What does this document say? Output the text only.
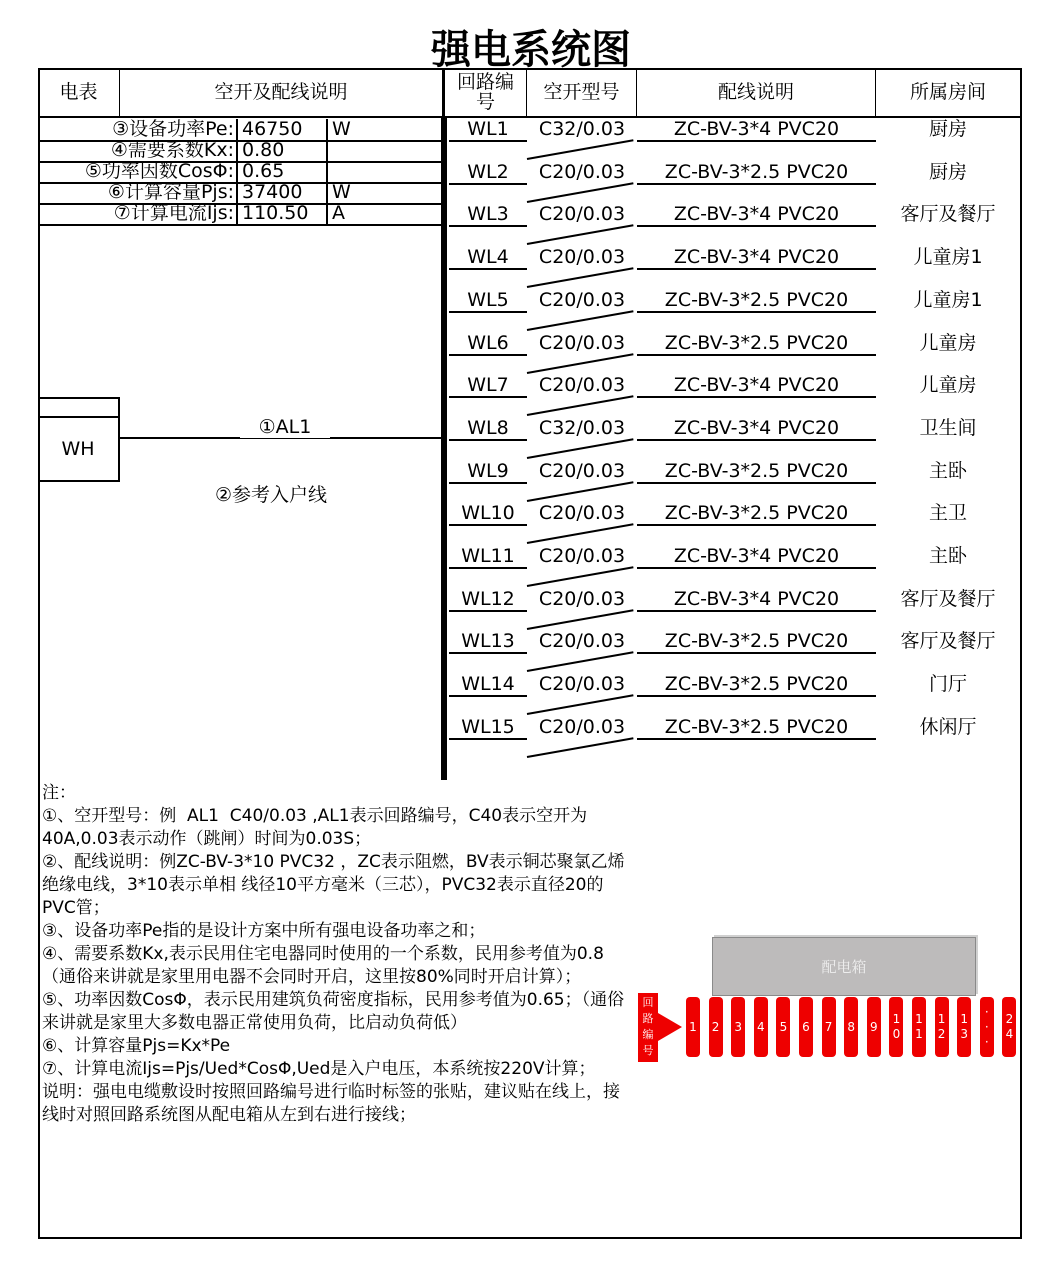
强电系统图
电表	空开及配线说明	回路编号	空开型号	配线说明	所属房间
③设备功率Pe: 46750	W
④需要系数Kx: 0.80
⑤功率因数CosΦ: 0.65
⑥计算容量Pjs: 37400	W
⑦计算电流Ijs: 110.50	A
WH
①AL1
②参考入户线
WL1	C32/0.03	ZC-BV-3*4 PVC20	厨房
WL2	C20/0.03	ZC-BV-3*2.5 PVC20	厨房
WL3	C20/0.03	ZC-BV-3*4 PVC20	客厅及餐厅
WL4	C20/0.03	ZC-BV-3*4 PVC20	儿童房1
WL5	C20/0.03	ZC-BV-3*2.5 PVC20	儿童房1
WL6	C20/0.03	ZC-BV-3*2.5 PVC20	儿童房
WL7	C20/0.03	ZC-BV-3*4 PVC20	儿童房
WL8	C32/0.03	ZC-BV-3*4 PVC20	卫生间
WL9	C20/0.03	ZC-BV-3*2.5 PVC20	主卧
WL10	C20/0.03	ZC-BV-3*2.5 PVC20	主卫
WL11	C20/0.03	ZC-BV-3*4 PVC20	主卧
WL12	C20/0.03	ZC-BV-3*4 PVC20	客厅及餐厅
WL13	C20/0.03	ZC-BV-3*2.5 PVC20	客厅及餐厅
WL14	C20/0.03	ZC-BV-3*2.5 PVC20	门厅
WL15	C20/0.03	ZC-BV-3*2.5 PVC20	休闲厅
注：
①、空开型号：例  AL1  C40/0.03 ,AL1表示回路编号，C40表示空开为40A,0.03表示动作（跳闸）时间为0.03S；
②、配线说明：例ZC-BV-3*10 PVC32 ，ZC表示阻燃，BV表示铜芯聚氯乙烯绝缘电线，3*10表示单相 线径10平方毫米（三芯），PVC32表示直径20的PVC管；
③、设备功率Pe指的是设计方案中所有强电设备功率之和；
④、需要系数Kx,表示民用住宅电器同时使用的一个系数，民用参考值为0.8（通俗来讲就是家里用电器不会同时开启，这里按80%同时开启计算）；
⑤、功率因数CosΦ，表示民用建筑负荷密度指标，民用参考值为0.65；（通俗来讲就是家里大多数电器正常使用负荷，比启动负荷低）
⑥、计算容量Pjs=Kx*Pe
⑦、计算电流Ijs=Pjs/Ued*CosΦ,Ued是入户电压，本系统按220V计算；
说明：强电电缆敷设时按照回路编号进行临时标签的张贴，建议贴在线上，接线时对照回路系统图从配电箱从左到右进行接线；
配电箱
回
路
编
号
1 2 3 4 5 6 7 8 9
1
0
1
1
1
2
1
3
·
·
·
2
4
